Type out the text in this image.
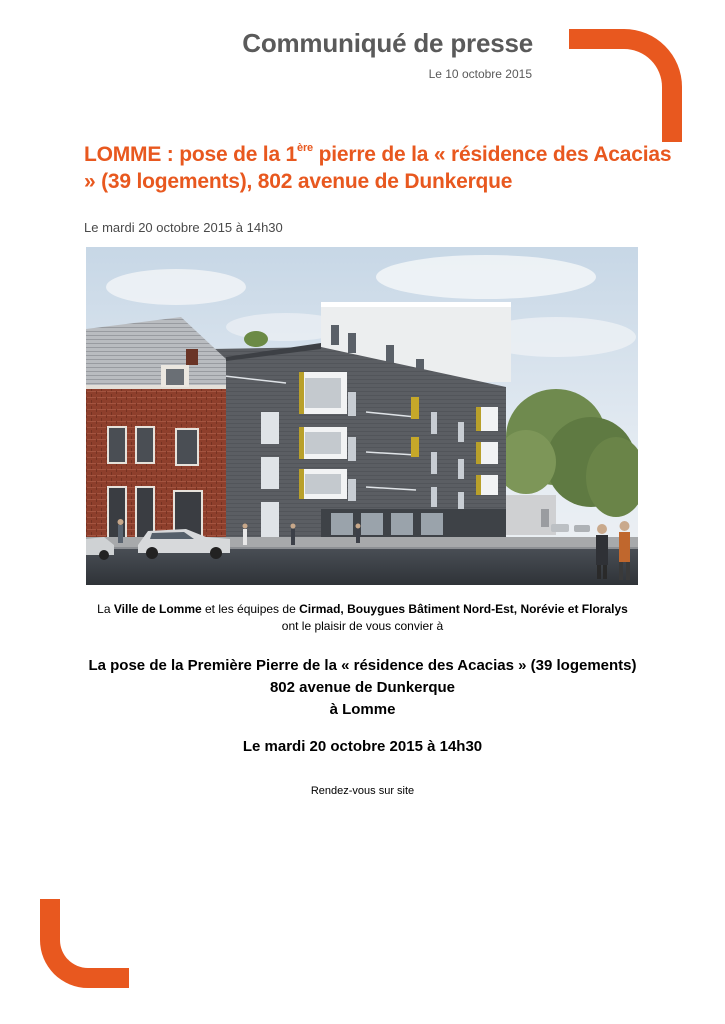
Communiqué de presse
Le 10 octobre 2015
LOMME : pose de la 1ère pierre de la « résidence des Acacias » (39 logements), 802 avenue de Dunkerque
Le mardi 20 octobre 2015 à 14h30
La Ville de Lomme et les équipes de Cirmad, Bouygues Bâtiment Nord-Est, Norévie et Floralys
ont le plaisir de vous convier à
La pose de la Première Pierre de la « résidence des Acacias » (39 logements) 802 avenue de Dunkerque
à Lomme
Le mardi 20 octobre 2015 à 14h30
Rendez-vous sur site
